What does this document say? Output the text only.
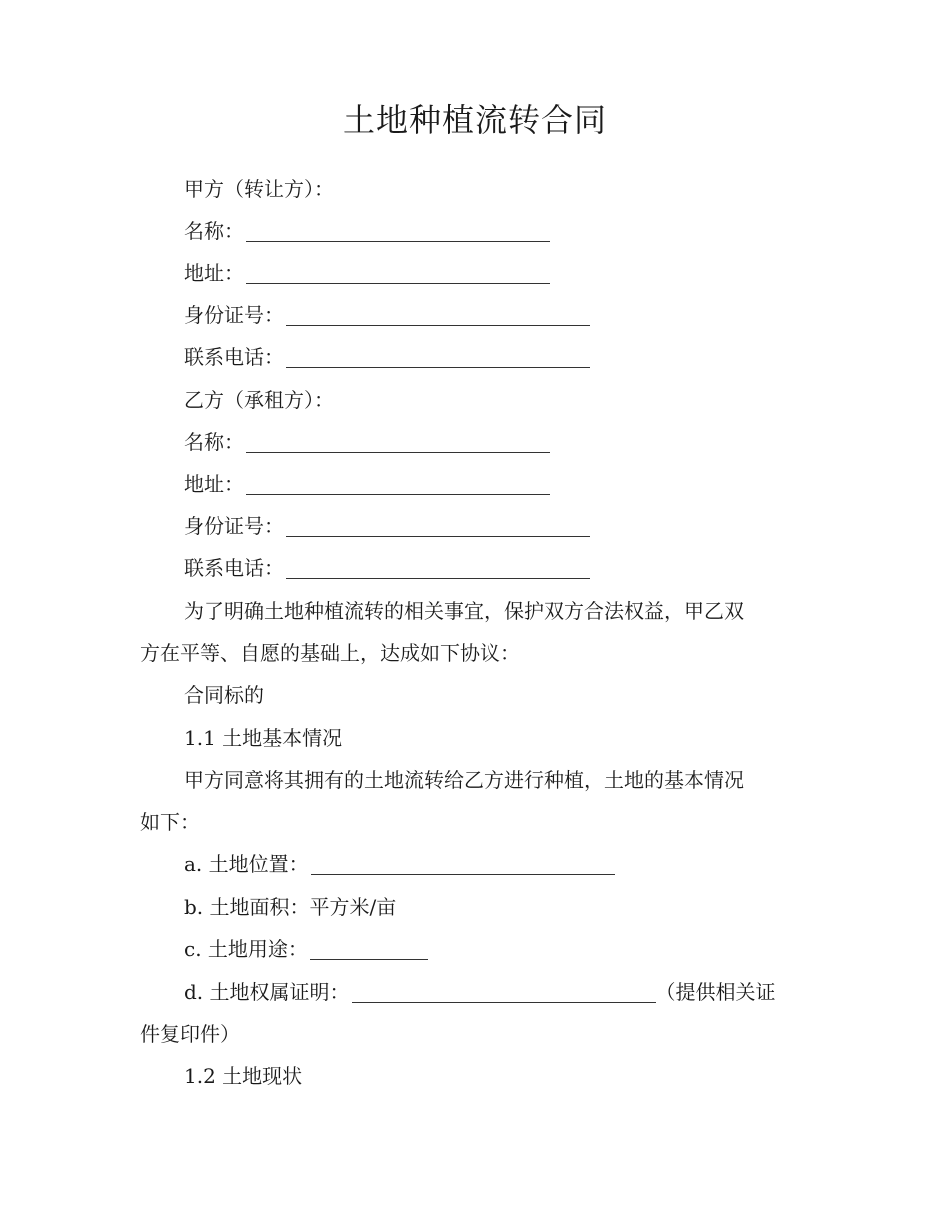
土地种植流转合同
甲方（转让方）：
名称：
地址：
身份证号：
联系电话：
乙方（承租方）：
名称：
地址：
身份证号：
联系电话：
为了明确土地种植流转的相关事宜，保护双方合法权益，甲乙双
方在平等、自愿的基础上，达成如下协议：
合同标的
1.1 土地基本情况
甲方同意将其拥有的土地流转给乙方进行种植，土地的基本情况
如下：
a. 土地位置：
b. 土地面积：平方米/亩
c. 土地用途：
d. 土地权属证明：	（提供相关证
件复印件）
1.2 土地现状
